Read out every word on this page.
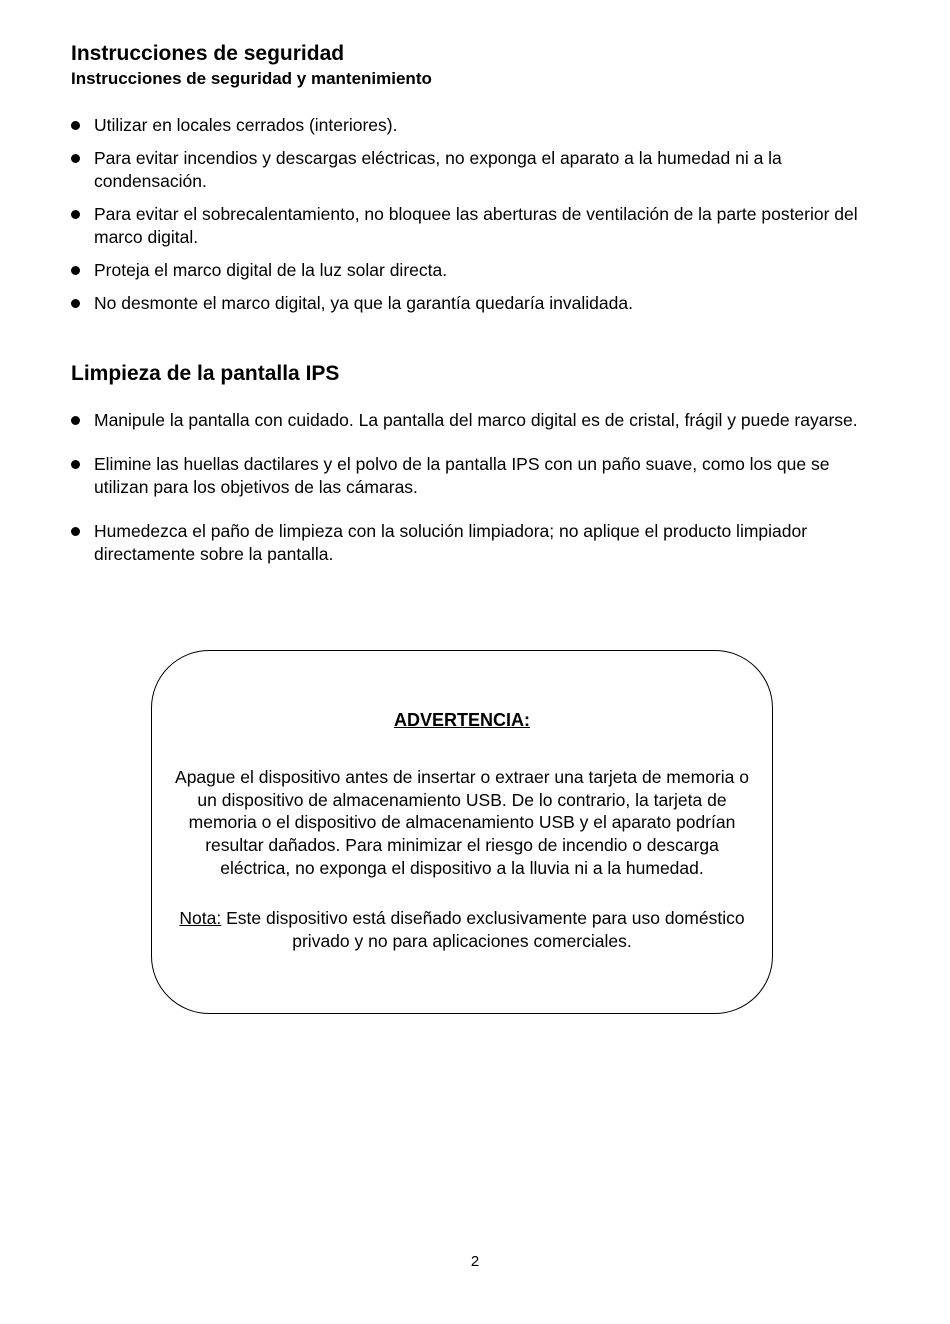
Instrucciones de seguridad
Instrucciones de seguridad y mantenimiento
Utilizar en locales cerrados (interiores).
Para evitar incendios y descargas eléctricas, no exponga el aparato a la humedad ni a la condensación.
Para evitar el sobrecalentamiento, no bloquee las aberturas de ventilación de la parte posterior del marco digital.
Proteja el marco digital de la luz solar directa.
No desmonte el marco digital, ya que la garantía quedaría invalidada.
Limpieza de la pantalla IPS
Manipule la pantalla con cuidado. La pantalla del marco digital es de cristal, frágil y puede rayarse.
Elimine las huellas dactilares y el polvo de la pantalla IPS con un paño suave, como los que se utilizan para los objetivos de las cámaras.
Humedezca el paño de limpieza con la solución limpiadora; no aplique el producto limpiador directamente sobre la pantalla.
ADVERTENCIA:
Apague el dispositivo antes de insertar o extraer una tarjeta de memoria o un dispositivo de almacenamiento USB. De lo contrario, la tarjeta de memoria o el dispositivo de almacenamiento USB y el aparato podrían resultar dañados. Para minimizar el riesgo de incendio o descarga eléctrica, no exponga el dispositivo a la lluvia ni a la humedad.
Nota: Este dispositivo está diseñado exclusivamente para uso doméstico privado y no para aplicaciones comerciales.
2
